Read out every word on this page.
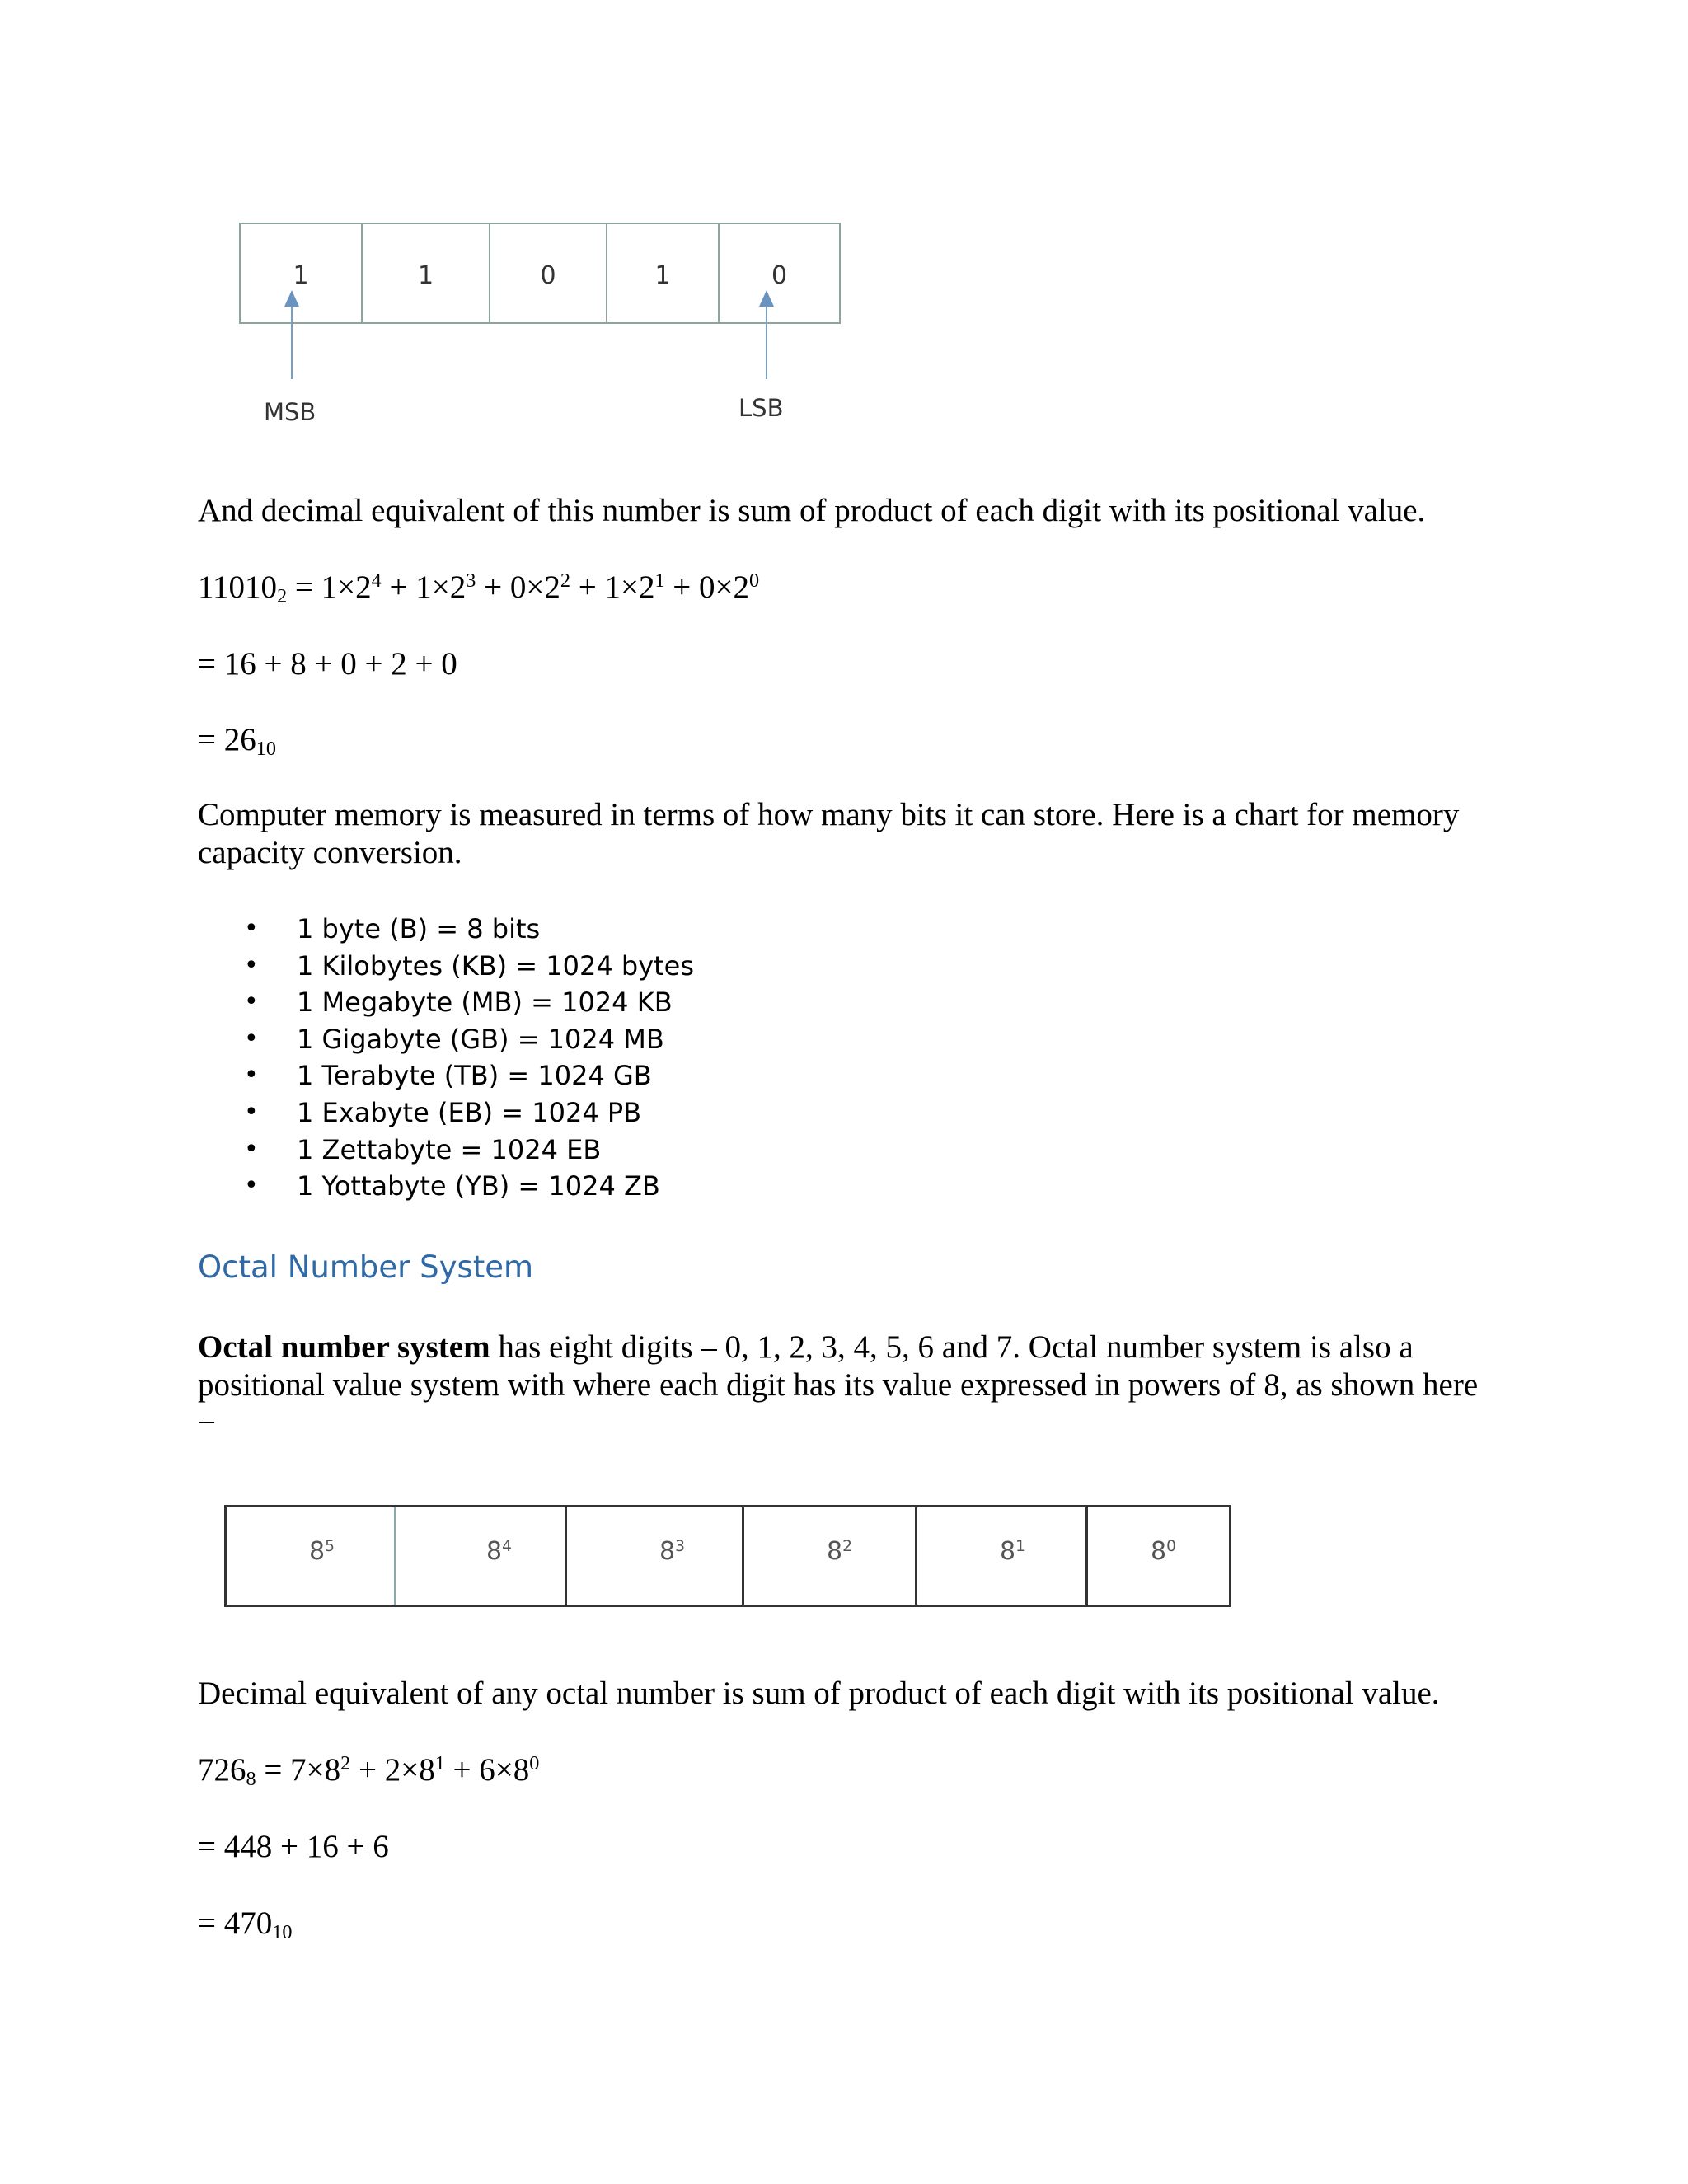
1	1	0	1	0
MSB	LSB

And decimal equivalent of this number is sum of product of each digit with its positional value.

$11010_2 = 1\times 2^4 + 1\times 2^3 + 0\times 2^2 + 1\times 2^1 + 0\times 2^0$

= 16 + 8 + 0 + 2 + 0

= $26_{10}$

Computer memory is measured in terms of how many bits it can store. Here is a chart for memory capacity conversion.

• 1 byte (B) = 8 bits
• 1 Kilobytes (KB) = 1024 bytes
• 1 Megabyte (MB) = 1024 KB
• 1 Gigabyte (GB) = 1024 MB
• 1 Terabyte (TB) = 1024 GB
• 1 Exabyte (EB) = 1024 PB
• 1 Zettabyte = 1024 EB
• 1 Yottabyte (YB) = 1024 ZB
Octal Number System

Octal number system has eight digits – 0, 1, 2, 3, 4, 5, 6 and 7. Octal number system is also a positional value system with where each digit has its value expressed in powers of 8, as shown here −

$8^5$	$8^4$	$8^3$	$8^2$	$8^1$	$8^0$

Decimal equivalent of any octal number is sum of product of each digit with its positional value.

$726_8 = 7\times 8^2 + 2\times 8^1 + 6\times 8^0$

= 448 + 16 + 6

= $470_{10}$
